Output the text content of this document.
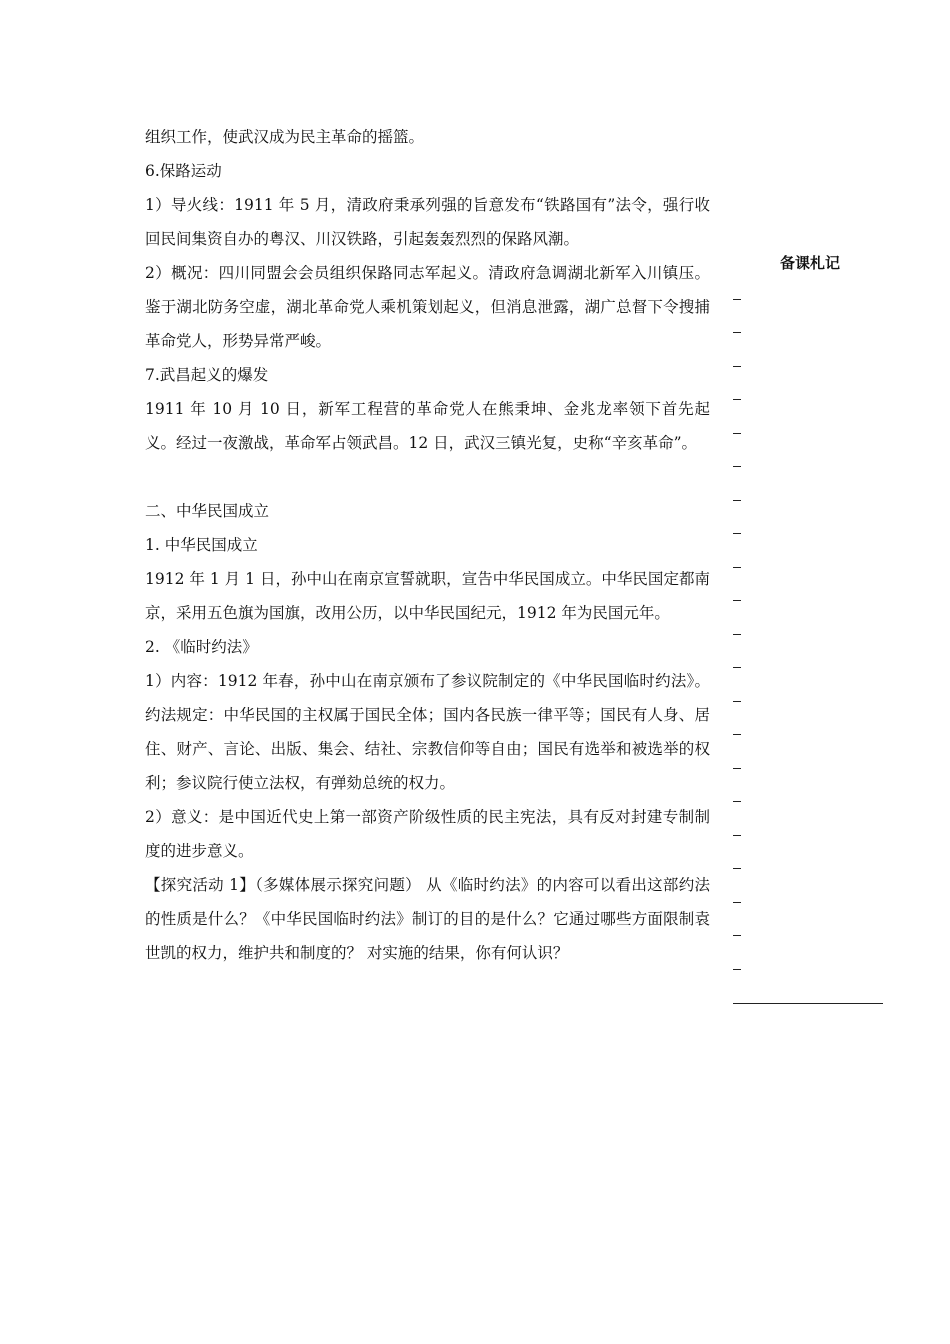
组织工作，使武汉成为民主革命的摇篮。

6.保路运动

1）导火线：1911 年 5 月，清政府秉承列强的旨意发布“铁路国有”法令，强行收回民间集资自办的粤汉、川汉铁路，引起轰轰烈烈的保路风潮。

2）概况：四川同盟会会员组织保路同志军起义。清政府急调湖北新军入川镇压。鉴于湖北防务空虚，湖北革命党人乘机策划起义，但消息泄露，湖广总督下令搜捕革命党人，形势异常严峻。

7.武昌起义的爆发

1911 年 10 月 10 日，新军工程营的革命党人在熊秉坤、金兆龙率领下首先起义。经过一夜激战，革命军占领武昌。12 日，武汉三镇光复，史称“辛亥革命”。

二、中华民国成立

1. 中华民国成立

1912 年 1 月 1 日，孙中山在南京宣誓就职，宣告中华民国成立。中华民国定都南京，采用五色旗为国旗，改用公历，以中华民国纪元，1912 年为民国元年。

2. 《临时约法》

1）内容：1912 年春，孙中山在南京颁布了参议院制定的《中华民国临时约法》。约法规定：中华民国的主权属于国民全体；国内各民族一律平等；国民有人身、居住、财产、言论、出版、集会、结社、宗教信仰等自由；国民有选举和被选举的权利；参议院行使立法权，有弹劾总统的权力。

2）意义：是中国近代史上第一部资产阶级性质的民主宪法，具有反对封建专制制度的进步意义。

【探究活动 1】（多媒体展示探究问题） 从《临时约法》的内容可以看出这部约法的性质是什么？《中华民国临时约法》制订的目的是什么？它通过哪些方面限制袁世凯的权力，维护共和制度的？ 对实施的结果，你有何认识？

备课札记
